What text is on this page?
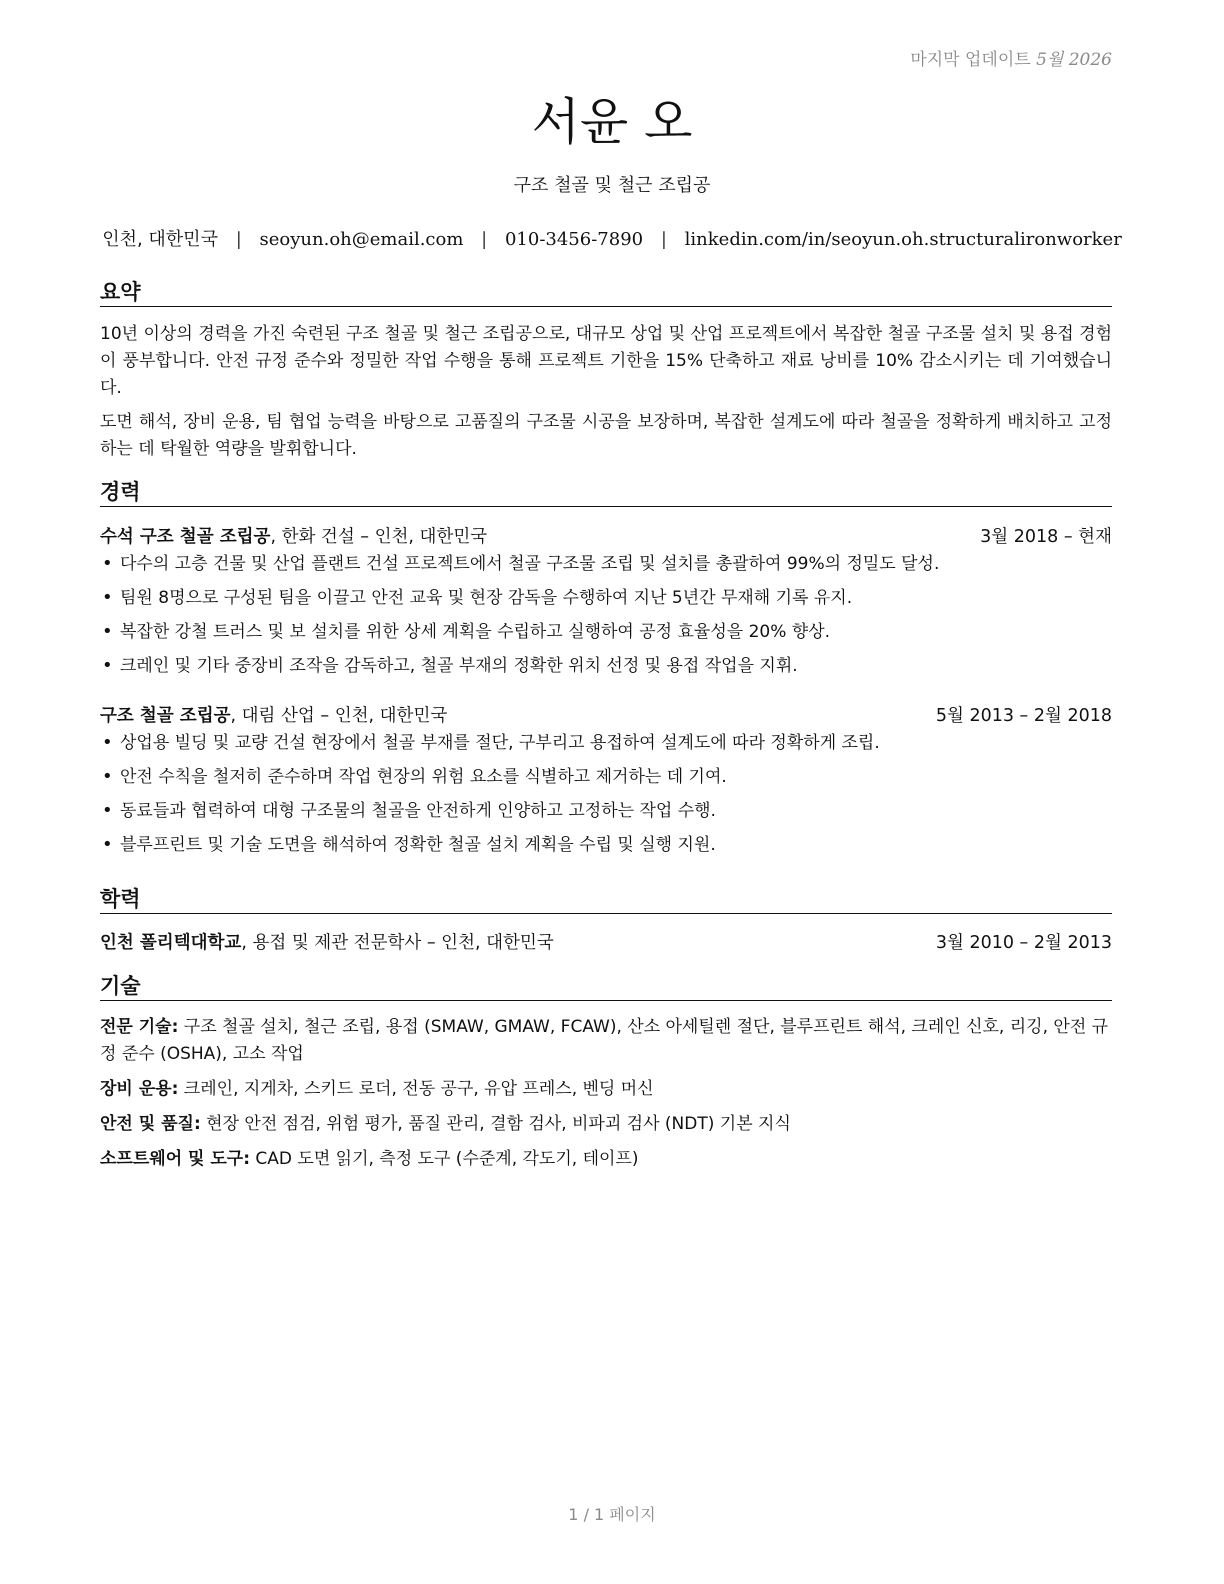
마지막 업데이트 5월 2026
서윤 오
구조 철골 및 철근 조립공
인천, 대한민국 | seoyun.oh@email.com | 010-3456-7890 | linkedin.com/in/seoyun.oh.structuralironworker
요약

10년 이상의 경력을 가진 숙련된 구조 철골 및 철근 조립공으로, 대규모 상업 및 산업 프로젝트에서 복잡한 철골 구조물 설치 및 용접 경험이 풍부합니다. 안전 규정 준수와 정밀한 작업 수행을 통해 프로젝트 기한을 15% 단축하고 재료 낭비를 10% 감소시키는 데 기여했습니다.

도면 해석, 장비 운용, 팀 협업 능력을 바탕으로 고품질의 구조물 시공을 보장하며, 복잡한 설계도에 따라 철골을 정확하게 배치하고 고정하는 데 탁월한 역량을 발휘합니다.

경력
수석 구조 철골 조립공, 한화 건설 – 인천, 대한민국	3월 2018 – 현재
• 다수의 고층 건물 및 산업 플랜트 건설 프로젝트에서 철골 구조물 조립 및 설치를 총괄하여 99%의 정밀도 달성.
• 팀원 8명으로 구성된 팀을 이끌고 안전 교육 및 현장 감독을 수행하여 지난 5년간 무재해 기록 유지.
• 복잡한 강철 트러스 및 보 설치를 위한 상세 계획을 수립하고 실행하여 공정 효율성을 20% 향상.
• 크레인 및 기타 중장비 조작을 감독하고, 철골 부재의 정확한 위치 선정 및 용접 작업을 지휘.
구조 철골 조립공, 대림 산업 – 인천, 대한민국	5월 2013 – 2월 2018
• 상업용 빌딩 및 교량 건설 현장에서 철골 부재를 절단, 구부리고 용접하여 설계도에 따라 정확하게 조립.
• 안전 수칙을 철저히 준수하며 작업 현장의 위험 요소를 식별하고 제거하는 데 기여.
• 동료들과 협력하여 대형 구조물의 철골을 안전하게 인양하고 고정하는 작업 수행.
• 블루프린트 및 기술 도면을 해석하여 정확한 철골 설치 계획을 수립 및 실행 지원.
학력
인천 폴리텍대학교, 용접 및 제관 전문학사 – 인천, 대한민국	3월 2010 – 2월 2013
기술
전문 기술: 구조 철골 설치, 철근 조립, 용접 (SMAW, GMAW, FCAW), 산소 아세틸렌 절단, 블루프린트 해석, 크레인 신호, 리깅, 안전 규정 준수 (OSHA), 고소 작업
장비 운용: 크레인, 지게차, 스키드 로더, 전동 공구, 유압 프레스, 벤딩 머신
안전 및 품질: 현장 안전 점검, 위험 평가, 품질 관리, 결함 검사, 비파괴 검사 (NDT) 기본 지식
소프트웨어 및 도구: CAD 도면 읽기, 측정 도구 (수준계, 각도기, 테이프)
1 / 1 페이지
